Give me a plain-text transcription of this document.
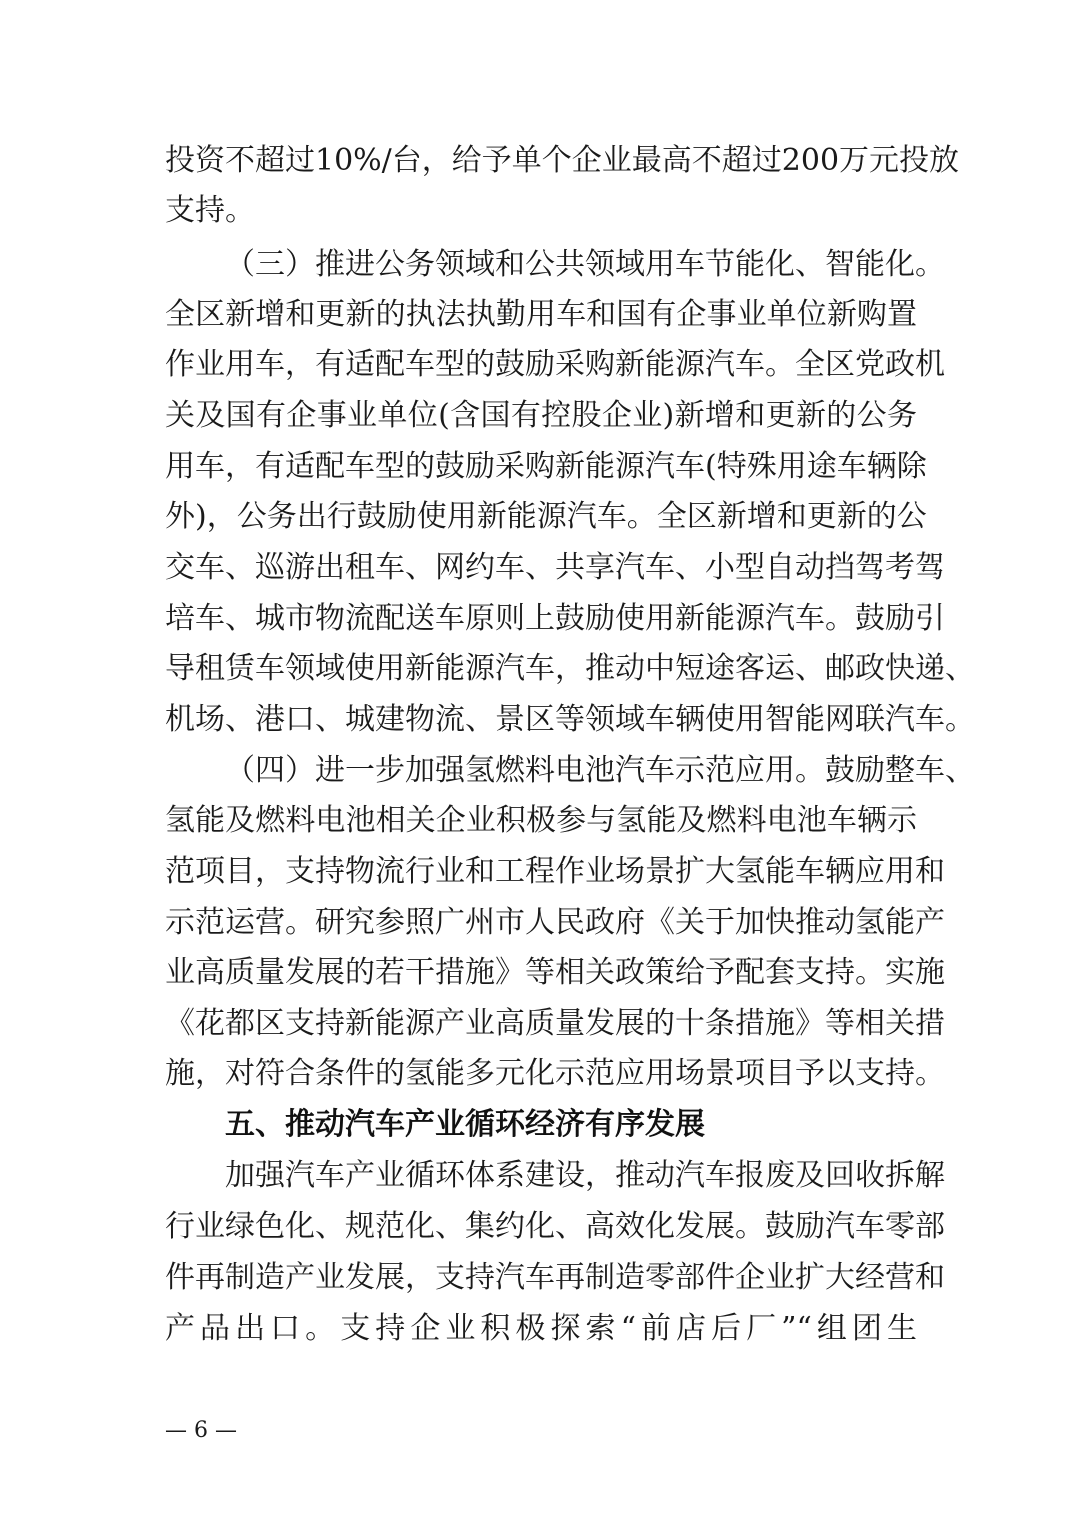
投资不超过10%/台，给予单个企业最高不超过200万元投放
支持。
（三）推进公务领域和公共领域用车节能化、智能化。
全区新增和更新的执法执勤用车和国有企事业单位新购置
作业用车，有适配车型的鼓励采购新能源汽车。全区党政机
关及国有企事业单位(含国有控股企业)新增和更新的公务
用车，有适配车型的鼓励采购新能源汽车(特殊用途车辆除
外)，公务出行鼓励使用新能源汽车。全区新增和更新的公
交车、巡游出租车、网约车、共享汽车、小型自动挡驾考驾
培车、城市物流配送车原则上鼓励使用新能源汽车。鼓励引
导租赁车领域使用新能源汽车，推动中短途客运、邮政快递、
机场、港口、城建物流、景区等领域车辆使用智能网联汽车。
（四）进一步加强氢燃料电池汽车示范应用。鼓励整车、
氢能及燃料电池相关企业积极参与氢能及燃料电池车辆示
范项目，支持物流行业和工程作业场景扩大氢能车辆应用和
示范运营。研究参照广州市人民政府《关于加快推动氢能产
业高质量发展的若干措施》等相关政策给予配套支持。实施
《花都区支持新能源产业高质量发展的十条措施》等相关措
施，对符合条件的氢能多元化示范应用场景项目予以支持。
五、推动汽车产业循环经济有序发展
加强汽车产业循环体系建设，推动汽车报废及回收拆解
行业绿色化、规范化、集约化、高效化发展。鼓励汽车零部
件再制造产业发展，支持汽车再制造零部件企业扩大经营和
产品出口。支持企业积极探索“前店后厂”“组团生
— 6 —
